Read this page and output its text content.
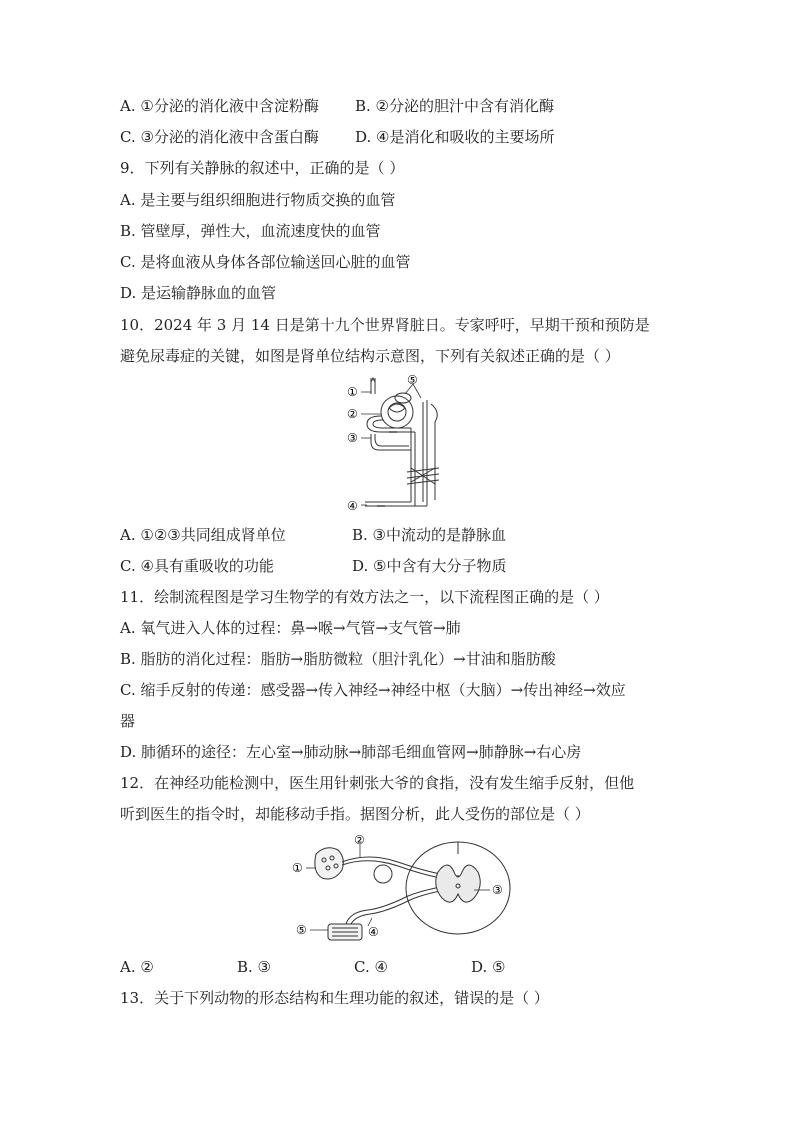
A. ①分泌的消化液中含淀粉酶 B. ②分泌的胆汁中含有消化酶
C. ③分泌的消化液中含蛋白酶 D. ④是消化和吸收的主要场所
9．下列有关静脉的叙述中，正确的是（ ）
A. 是主要与组织细胞进行物质交换的血管
B. 管壁厚，弹性大，血流速度快的血管
C. 是将血液从身体各部位输送回心脏的血管
D. 是运输静脉血的血管
10．2024 年 3 月 14 日是第十九个世界肾脏日。专家呼吁，早期干预和预防是
避免尿毒症的关键，如图是肾单位结构示意图，下列有关叙述正确的是（ ）
①
②
③
④
⑤
A. ①②③共同组成肾单位	B. ③中流动的是静脉血
C. ④具有重吸收的功能	D. ⑤中含有大分子物质
11．绘制流程图是学习生物学的有效方法之一，以下流程图正确的是（ ）
A. 氧气进入人体的过程：鼻→喉→气管→支气管→肺
B. 脂肪的消化过程：脂肪→脂肪微粒（胆汁乳化）→甘油和脂肪酸
C. 缩手反射的传递：感受器→传入神经→神经中枢（大脑）→传出神经→效应
器
D. 肺循环的途径：左心室→肺动脉→肺部毛细血管网→肺静脉→右心房
12．在神经功能检测中，医生用针刺张大爷的食指，没有发生缩手反射，但他
听到医生的指令时，却能移动手指。据图分析，此人受伤的部位是（ ）
①
②
③
④
⑤
A. ②	B. ③	C. ④	D. ⑤
13．关于下列动物的形态结构和生理功能的叙述，错误的是（ ）
